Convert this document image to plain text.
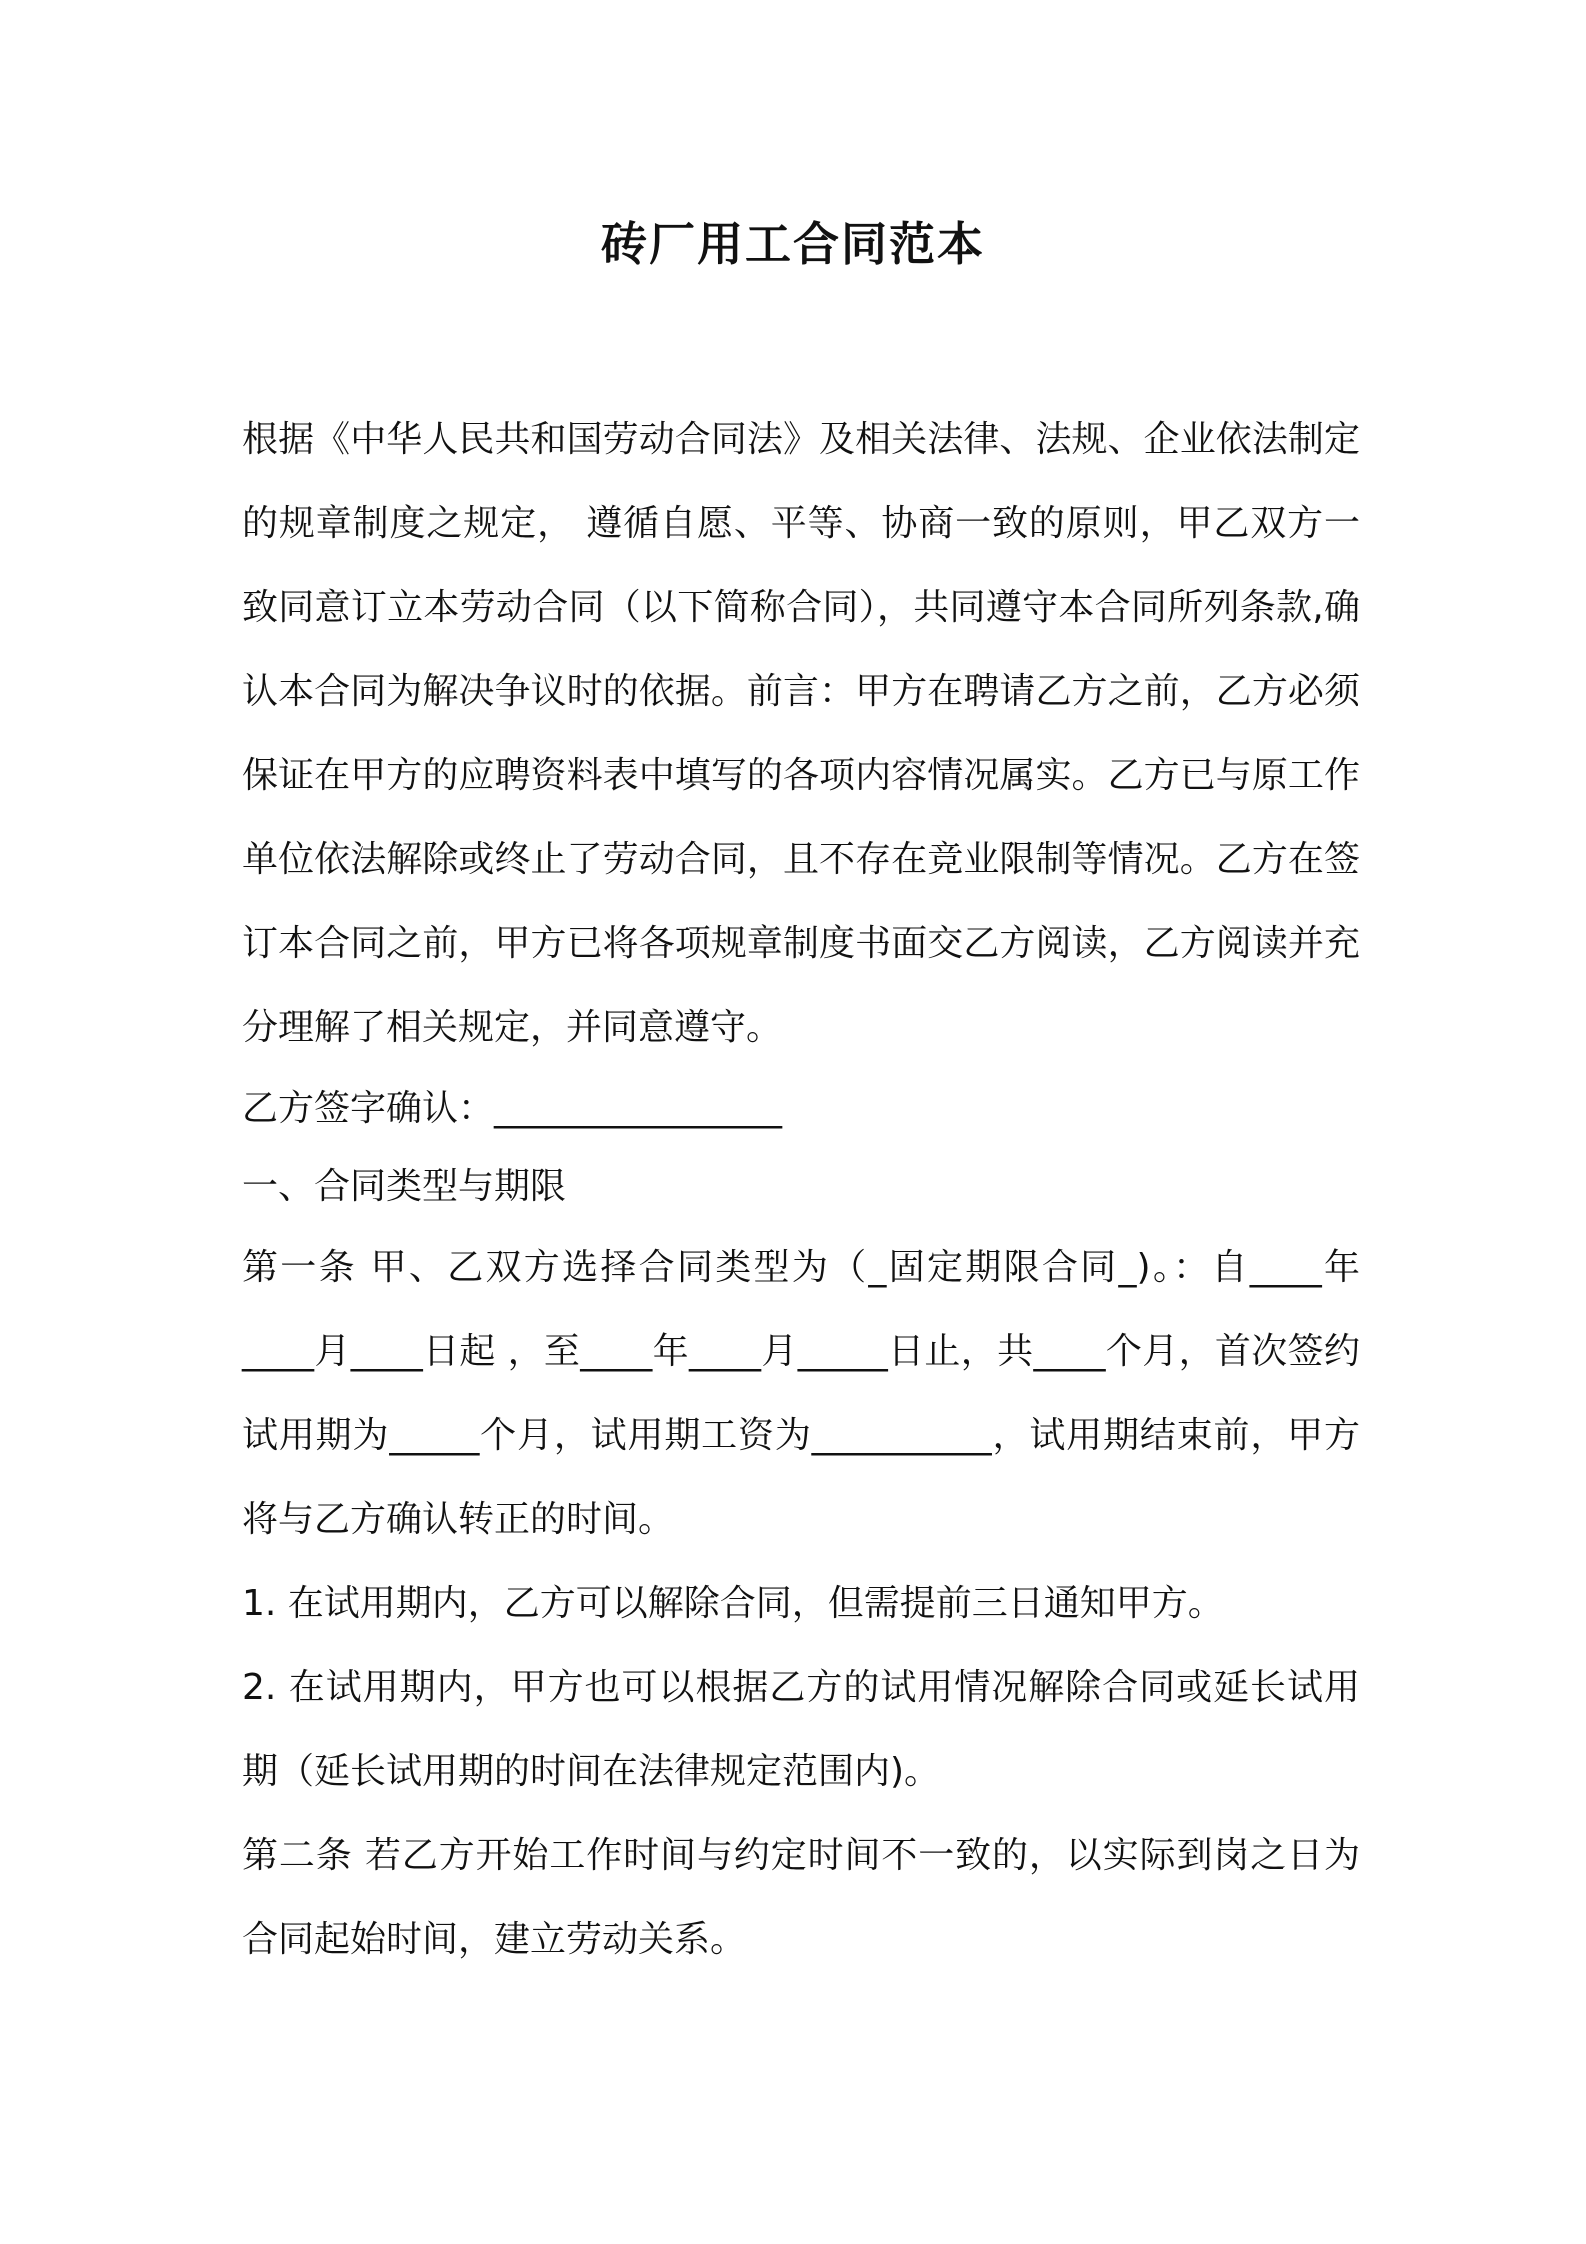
砖厂用工合同范本

根据《中华人民共和国劳动合同法》及相关法律、法规、企业依法制定的规章制度之规定， 遵循自愿、平等、协商一致的原则，甲乙双方一致同意订立本劳动合同（以下简称合同），共同遵守本合同所列条款,确认本合同为解决争议时的依据。前言：甲方在聘请乙方之前，乙方必须保证在甲方的应聘资料表中填写的各项内容情况属实。乙方已与原工作单位依法解除或终止了劳动合同，且不存在竞业限制等情况。乙方在签订本合同之前，甲方已将各项规章制度书面交乙方阅读，乙方阅读并充分理解了相关规定，并同意遵守。

乙方签字确认：________________

一、合同类型与期限

第一条 甲、乙双方选择合同类型为（_固定期限合同_)。：自____年____月____日起 ，至____年____月_____日止，共____个月，首次签约试用期为_____个月，试用期工资为__________，试用期结束前，甲方将与乙方确认转正的时间。

1. 在试用期内，乙方可以解除合同，但需提前三日通知甲方。

2. 在试用期内，甲方也可以根据乙方的试用情况解除合同或延长试用期（延长试用期的时间在法律规定范围内)。

第二条 若乙方开始工作时间与约定时间不一致的，以实际到岗之日为合同起始时间，建立劳动关系。
